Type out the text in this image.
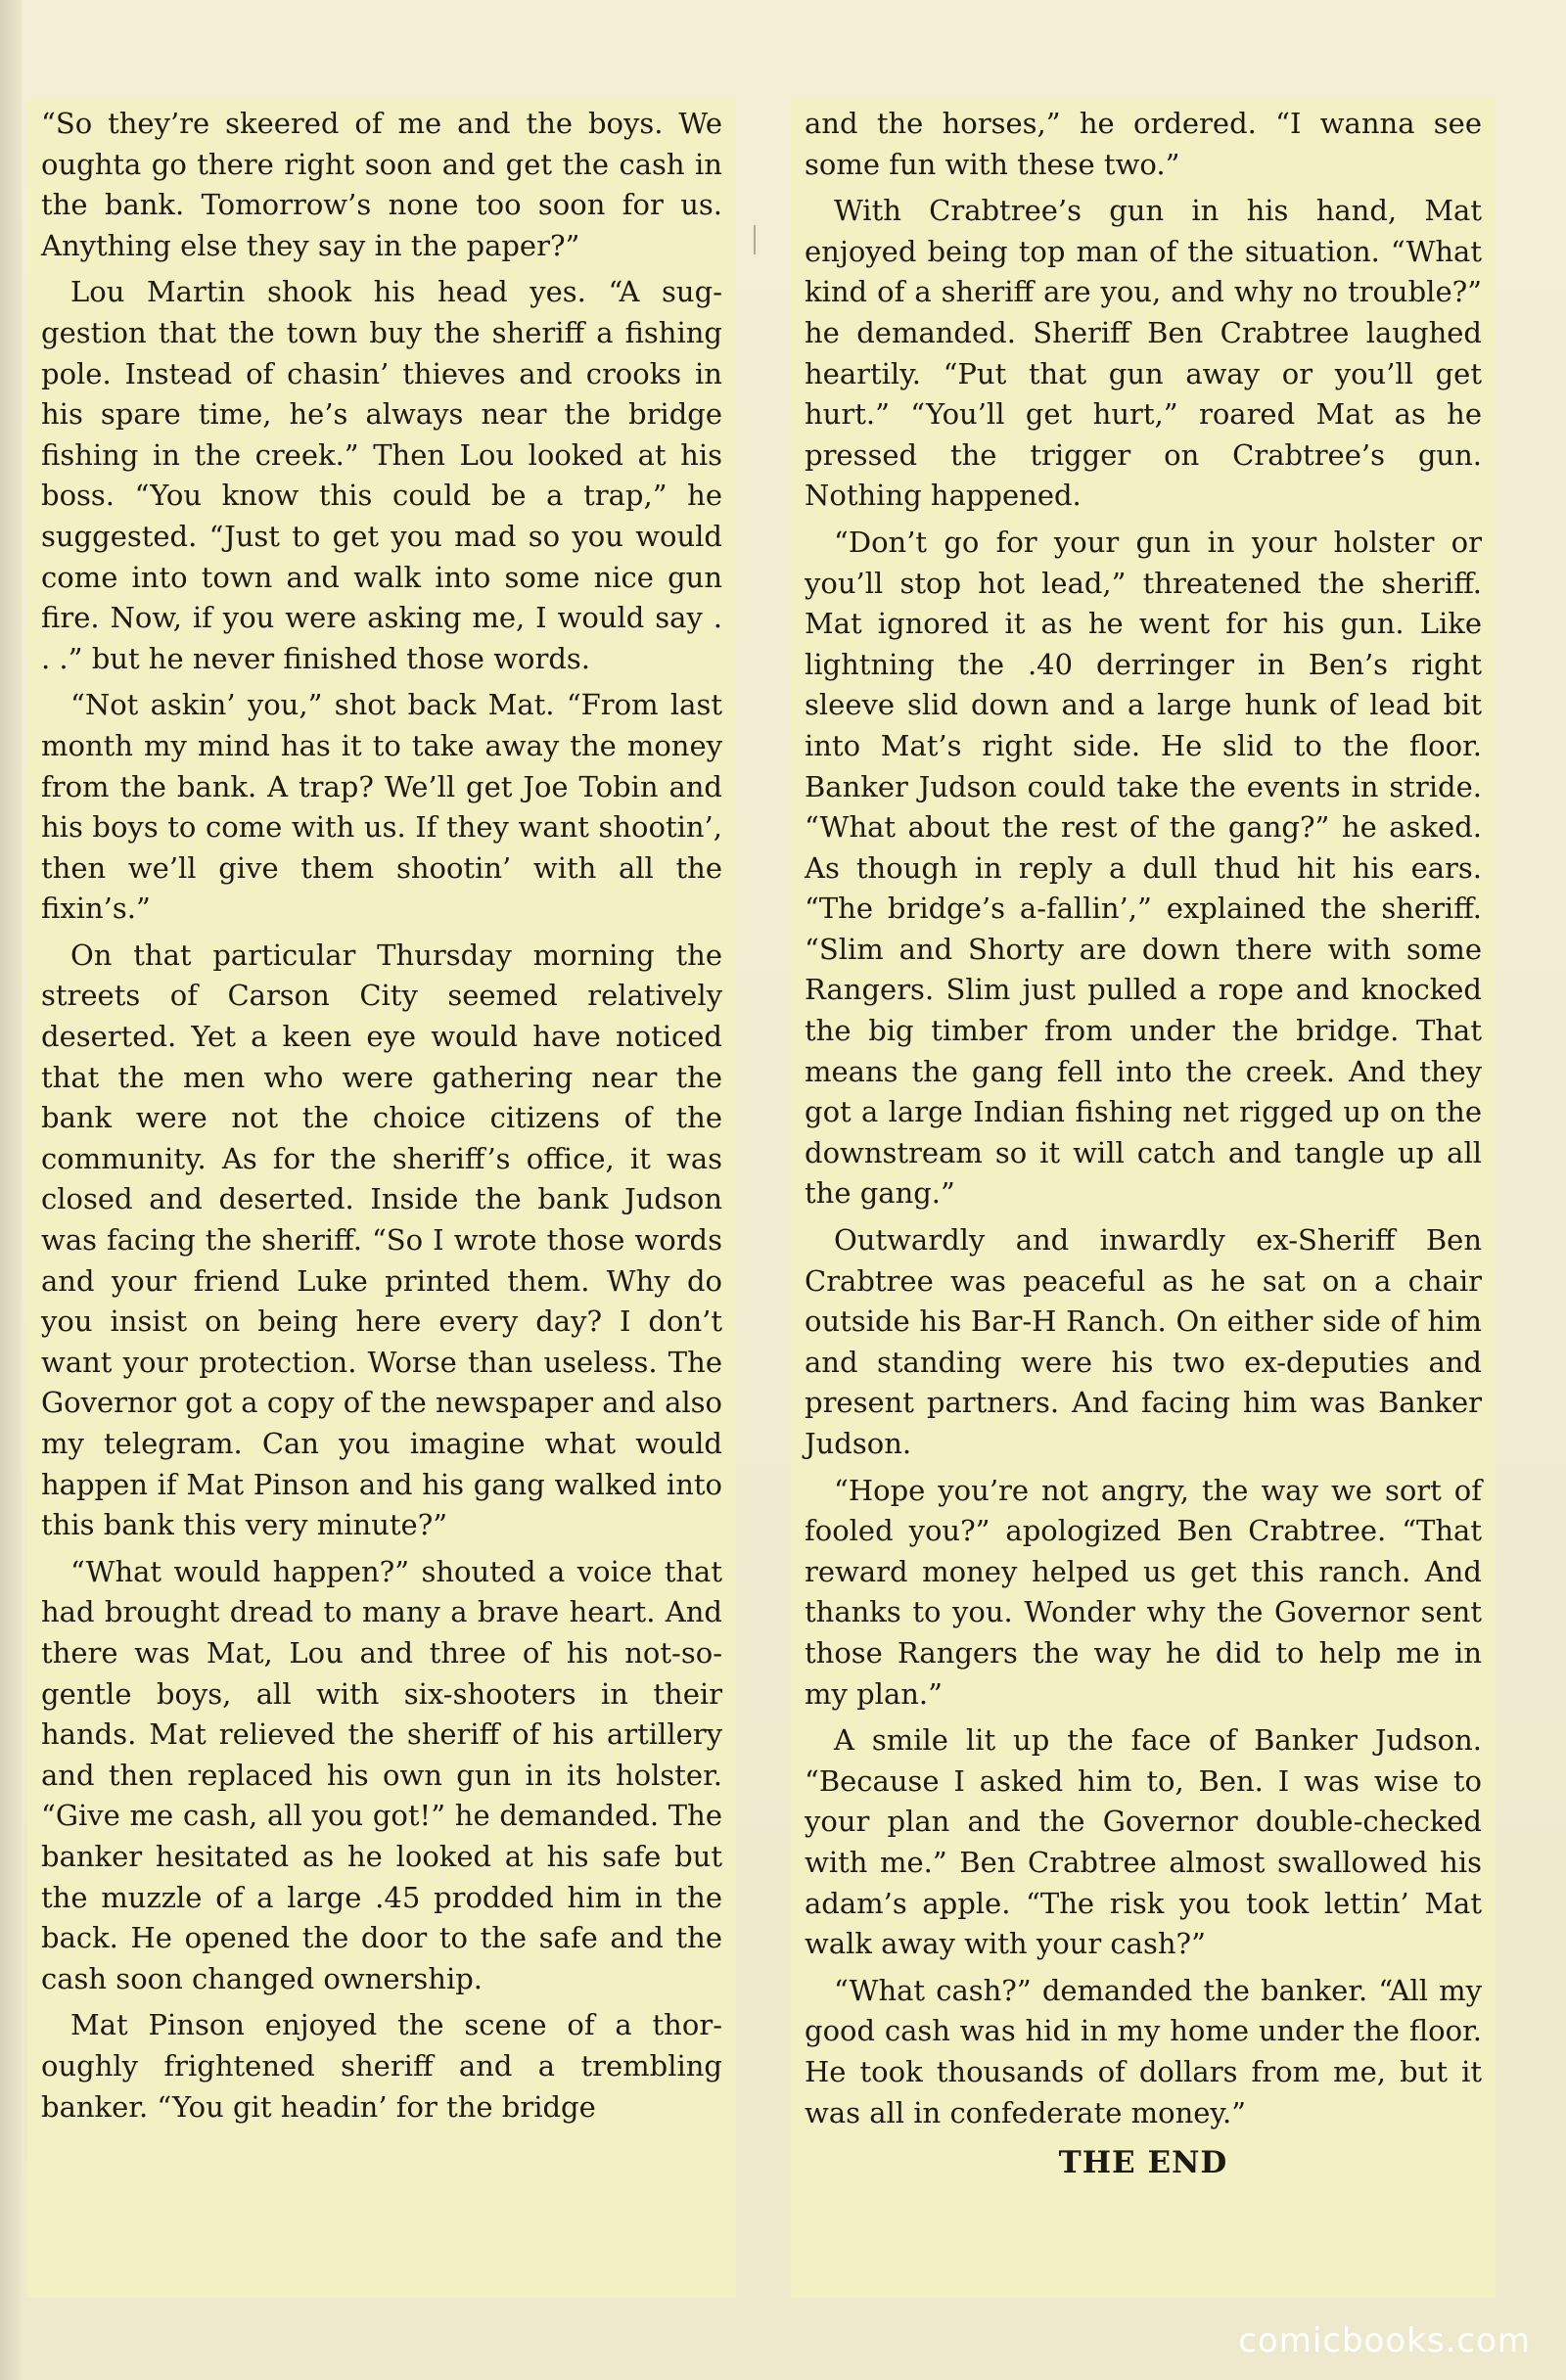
“So they’re skeered of me and the boys. We oughta go there right soon and get the cash in the bank. Tomorrow’s none too soon for us. Anything else they say in the paper?”

Lou Martin shook his head yes. “A suggestion that the town buy the sheriff a fishing pole. Instead of chasin’ thieves and crooks in his spare time, he’s always near the bridge fishing in the creek.” Then Lou looked at his boss. “You know this could be a trap,” he suggested. “Just to get you mad so you would come into town and walk into some nice gun fire. Now, if you were asking me, I would say . . .” but he never finished those words.

“Not askin’ you,” shot back Mat. “From last month my mind has it to take away the money from the bank. A trap? We’ll get Joe Tobin and his boys to come with us. If they want shootin’, then we’ll give them shootin’ with all the fixin’s.”

On that particular Thursday morning the streets of Carson City seemed relatively deserted. Yet a keen eye would have noticed that the men who were gathering near the bank were not the choice citizens of the community. As for the sheriff’s office, it was closed and deserted. Inside the bank Judson was facing the sheriff. “So I wrote those words and your friend Luke printed them. Why do you insist on being here every day? I don’t want your protection. Worse than useless. The Governor got a copy of the newspaper and also my telegram. Can you imagine what would happen if Mat Pinson and his gang walked into this bank this very minute?”

“What would happen?” shouted a voice that had brought dread to many a brave heart. And there was Mat, Lou and three of his not-so-gentle boys, all with six-shooters in their hands. Mat relieved the sheriff of his artillery and then replaced his own gun in its holster. “Give me cash, all you got!” he demanded. The banker hesitated as he looked at his safe but the muzzle of a large .45 prodded him in the back. He opened the door to the safe and the cash soon changed ownership.

Mat Pinson enjoyed the scene of a thoroughly frightened sheriff and a trembling banker. “You git headin’ for the bridge

and the horses,” he ordered. “I wanna see some fun with these two.”

With Crabtree’s gun in his hand, Mat enjoyed being top man of the situation. “What kind of a sheriff are you, and why no trouble?” he demanded. Sheriff Ben Crabtree laughed heartily. “Put that gun away or you’ll get hurt.” “You’ll get hurt,” roared Mat as he pressed the trigger on Crabtree’s gun. Nothing happened.

“Don’t go for your gun in your holster or you’ll stop hot lead,” threatened the sheriff. Mat ignored it as he went for his gun. Like lightning the .40 derringer in Ben’s right sleeve slid down and a large hunk of lead bit into Mat’s right side. He slid to the floor. Banker Judson could take the events in stride. “What about the rest of the gang?” he asked. As though in reply a dull thud hit his ears. “The bridge’s a-fallin’,” explained the sheriff. “Slim and Shorty are down there with some Rangers. Slim just pulled a rope and knocked the big timber from under the bridge. That means the gang fell into the creek. And they got a large Indian fishing net rigged up on the downstream so it will catch and tangle up all the gang.”

Outwardly and inwardly ex-Sheriff Ben Crabtree was peaceful as he sat on a chair outside his Bar-H Ranch. On either side of him and standing were his two ex-deputies and present partners. And facing him was Banker Judson.

“Hope you’re not angry, the way we sort of fooled you?” apologized Ben Crabtree. “That reward money helped us get this ranch. And thanks to you. Wonder why the Governor sent those Rangers the way he did to help me in my plan.”

A smile lit up the face of Banker Judson. “Because I asked him to, Ben. I was wise to your plan and the Governor double-checked with me.” Ben Crabtree almost swallowed his adam’s apple. “The risk you took lettin’ Mat walk away with your cash?”

“What cash?” demanded the banker. “All my good cash was hid in my home under the floor. He took thousands of dollars from me, but it was all in confederate money.”

THE END
comicbooks.com
